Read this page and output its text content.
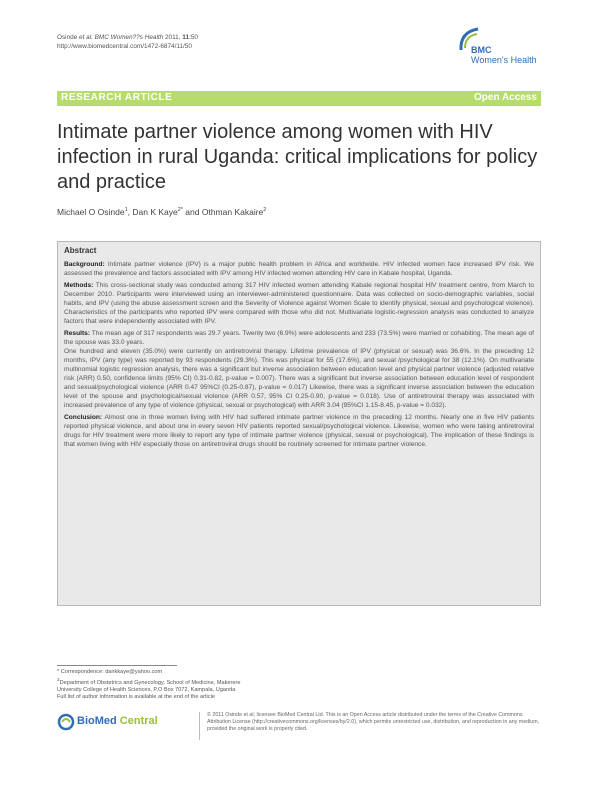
Osinde et al. BMC Women??s Health 2011, 11:50
http://www.biomedcentral.com/1472-6874/11/50	BMC
Women's Health
RESEARCH ARTICLE	Open Access
Intimate partner violence among women with HIV infection in rural Uganda: critical implications for policy and practice
Michael O Osinde$^1$, Dan K Kaye$^{2*}$ and Othman Kakaire$^2$
Abstract

Background: Intimate partner violence (IPV) is a major public health problem in Africa and worldwide. HIV infected women face increased IPV risk. We assessed the prevalence and factors associated with IPV among HIV infected women attending HIV care in Kabale hospital, Uganda.

Methods: This cross-sectional study was conducted among 317 HIV infected women attending Kabale regional hospital HIV treatment centre, from March to December 2010. Participants were interviewed using an interviewer-administered questionnaire. Data was collected on socio-demographic variables, social habits, and IPV (using the abuse assessment screen and the Severity of Violence against Women Scale to identify physical, sexual and psychological violence). Characteristics of the participants who reported IPV were compared with those who did not. Multivariate logistic-regression analysis was conducted to analyze factors that were independently associated with IPV.

Results: The mean age of 317 respondents was 29.7 years. Twenty two (6.9%) were adolescents and 233 (73.5%) were married or cohabiting. The mean age of the spouse was 33.0 years.

One hundred and eleven (35.0%) were currently on antiretroviral therapy. Lifetime prevalence of IPV (physical or sexual) was 36.6%. In the preceding 12 months, IPV (any type) was reported by 93 respondents (29.3%). This was physical for 55 (17.6%), and sexual /psychological for 38 (12.1%). On multivariate multinomial logistic regression analysis, there was a significant but inverse association between education level and physical partner violence (adjusted relative risk (ARR) 0.50, confidence limits (95% CI) 0.31-0.82, p-value = 0.007). There was a significant but inverse association between education level of respondent and sexual/psychological violence (ARR 0.47 95%CI (0.25-0.87), p-value = 0.017) Likewise, there was a significant inverse association between the education level of the spouse and psychological/sexual violence (ARR 0.57, 95% CI 0.25-0.90, p-value = 0.018). Use of antiretroviral therapy was associated with increased prevalence of any type of violence (physical, sexual or psychological) with ARR 3.04 (95%CI 1.15-8.45, p-value = 0.032).

Conclusion: Almost one in three women living with HIV had suffered intimate partner violence in the preceding 12 months. Nearly one in five HIV patients reported physical violence, and about one in every seven HIV patients reported sexual/psychological violence. Likewise, women who were taking antiretroviral drugs for HIV treatment were more likely to report any type of intimate partner violence (physical, sexual or psychological). The implication of these findings is that women living with HIV especially those on antiretroviral drugs should be routinely screened for intimate partner violence.

* Correspondence: dankkaye@yahoo.com
$^2$Department of Obstetrics and Gynecology, School of Medicine, Makerere University College of Health Sciences, P.O Box 7072, Kampala, Uganda
Full list of author information is available at the end of the article
BioMed Central	© 2011 Osinde et al; licensee BioMed Central Ltd. This is an Open Access article distributed under the terms of the Creative Commons Attribution License (http://creativecommons.org/licenses/by/2.0), which permits unrestricted use, distribution, and reproduction in any medium, provided the original work is properly cited.
